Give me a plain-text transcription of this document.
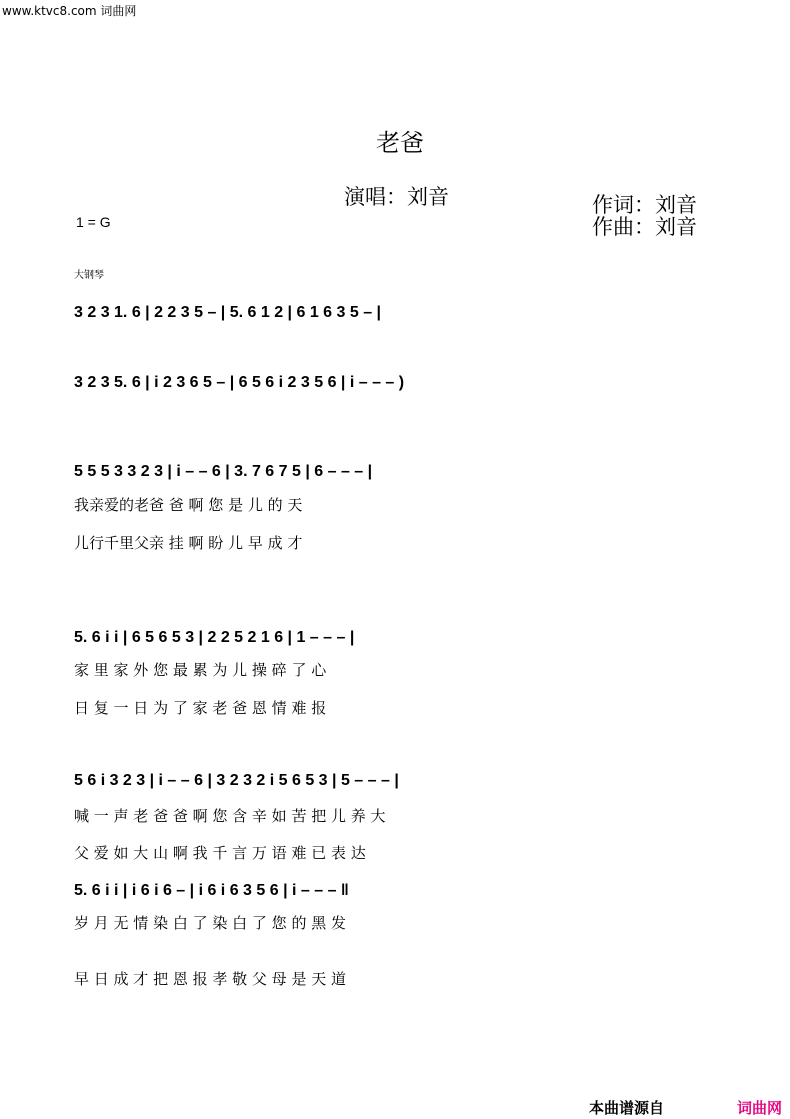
www.ktvc8.com 词曲网
老爸
演唱：刘音	作词：刘音
作曲：刘音
1 = G
大钢琴
3 2 3 1. 6 | 2 2 3 5 – | 5. 6 1 2 | 6 1 6 3 5 – |
3 2 3 5. 6 | i 2 3 6 5 – | 6 5 6 i 2 3 5 6 | i – – – )
5 5 5 3 3 2 3 | i – – 6 | 3. 7 6 7 5 | 6 – – – |
我亲爱的老爸 爸 啊 您 是 儿 的 天
儿行千里父亲 挂 啊 盼 儿 早 成 才
5. 6 i i | 6 5 6 5 3 | 2 2 5 2 1 6 | 1 – – – |
家 里 家 外 您 最 累 为 儿 操 碎 了 心
日 复 一 日 为 了 家 老 爸 恩 情 难 报
5 6 i 3 2 3 | i – – 6 | 3 2 3 2 i 5 6 5 3 | 5 – – – |
喊 一 声 老 爸 爸 啊 您 含 辛 如 苦 把 儿 养 大
父 爱 如 大 山 啊 我 千 言 万 语 难 已 表 达
5. 6 i i | i 6 i 6 – | i 6 i 6 3 5 6 | i – – – ‖
岁 月 无 情 染 白 了 染 白 了 您 的 黑 发
早 日 成 才 把 恩 报 孝 敬 父 母 是 天 道
本曲谱源自	词曲网
